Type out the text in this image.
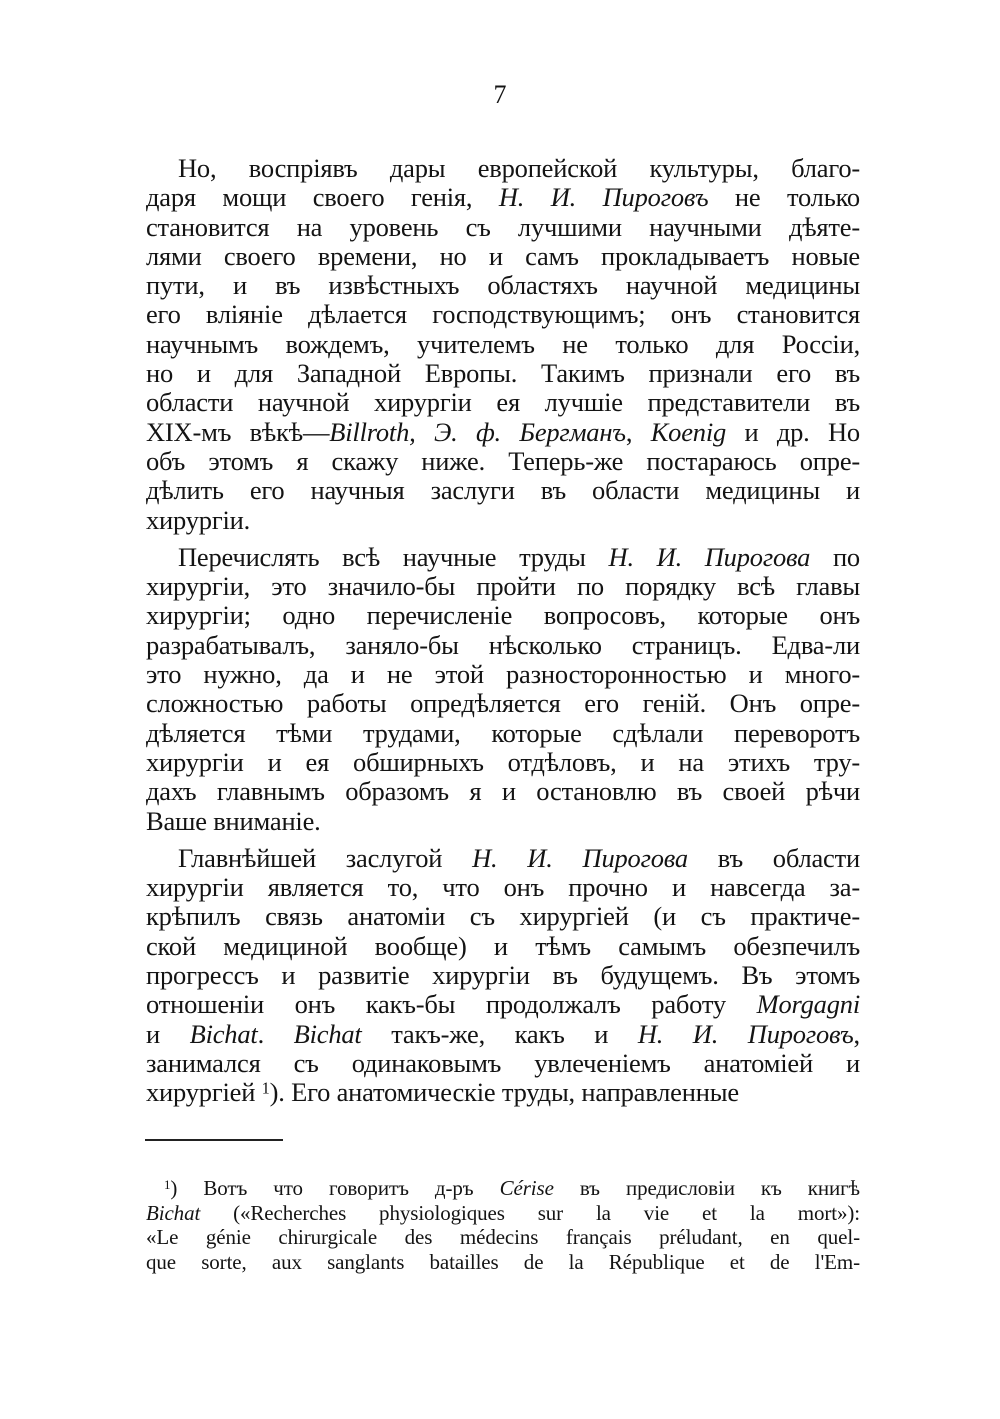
7
Но, воспріявъ дары европейской культуры, благо-
даря мощи своего генія, Н. И. Пироговъ не только
становится на уровень съ лучшими научными дѣяте-
лями своего времени, но и самъ прокладываетъ новые
пути, и въ извѣстныхъ областяхъ научной медицины
его вліяніе дѣлается господствующимъ; онъ становится
научнымъ вождемъ, учителемъ не только для Россіи,
но и для Западной Европы. Такимъ признали его въ
области научной хирургіи ея лучшіе представители въ
XIX-мъ вѣкѣ—Billroth, Э. ф. Бергманъ, Koenig и др. Но
объ этомъ я скажу ниже. Теперь-же постараюсь опре-
дѣлить его научныя заслуги въ области медицины и
хирургіи.
Перечислять всѣ научные труды Н. И. Пирогова по
хирургіи, это значило-бы пройти по порядку всѣ главы
хирургіи; одно перечисленіе вопросовъ, которые онъ
разрабатывалъ, заняло-бы нѣсколько страницъ. Едва-ли
это нужно, да и не этой разносторонностью и много-
сложностью работы опредѣляется его геній. Онъ опре-
дѣляется тѣми трудами, которые сдѣлали переворотъ
хирургіи и ея обширныхъ отдѣловъ, и на этихъ тру-
дахъ главнымъ образомъ я и остановлю въ своей рѣчи
Ваше вниманіе.
Главнѣйшей заслугой Н. И. Пирогова въ области
хирургіи является то, что онъ прочно и навсегда за-
крѣпилъ связь анатоміи съ хирургіей (и съ практиче-
ской медициной вообще) и тѣмъ самымъ обезпечилъ
прогрессъ и развитіе хирургіи въ будущемъ. Въ этомъ
отношеніи онъ какъ-бы продолжалъ работу Morgagni
и Bichat. Bichat такъ-же, какъ и Н. И. Пироговъ,
занимался съ одинаковымъ увлеченіемъ анатоміей и
хирургіей $^1$). Его анатомическіе труды, направленные
$^1$) Вотъ что говоритъ д-ръ Cérise въ предисловіи къ книгѣ
Bichat («Recherches physiologiques sur la vie et la mort»):
«Le génie chirurgicale des médecins français préludant, en quel-
que sorte, aux sanglants batailles de la République et de l'Em-
